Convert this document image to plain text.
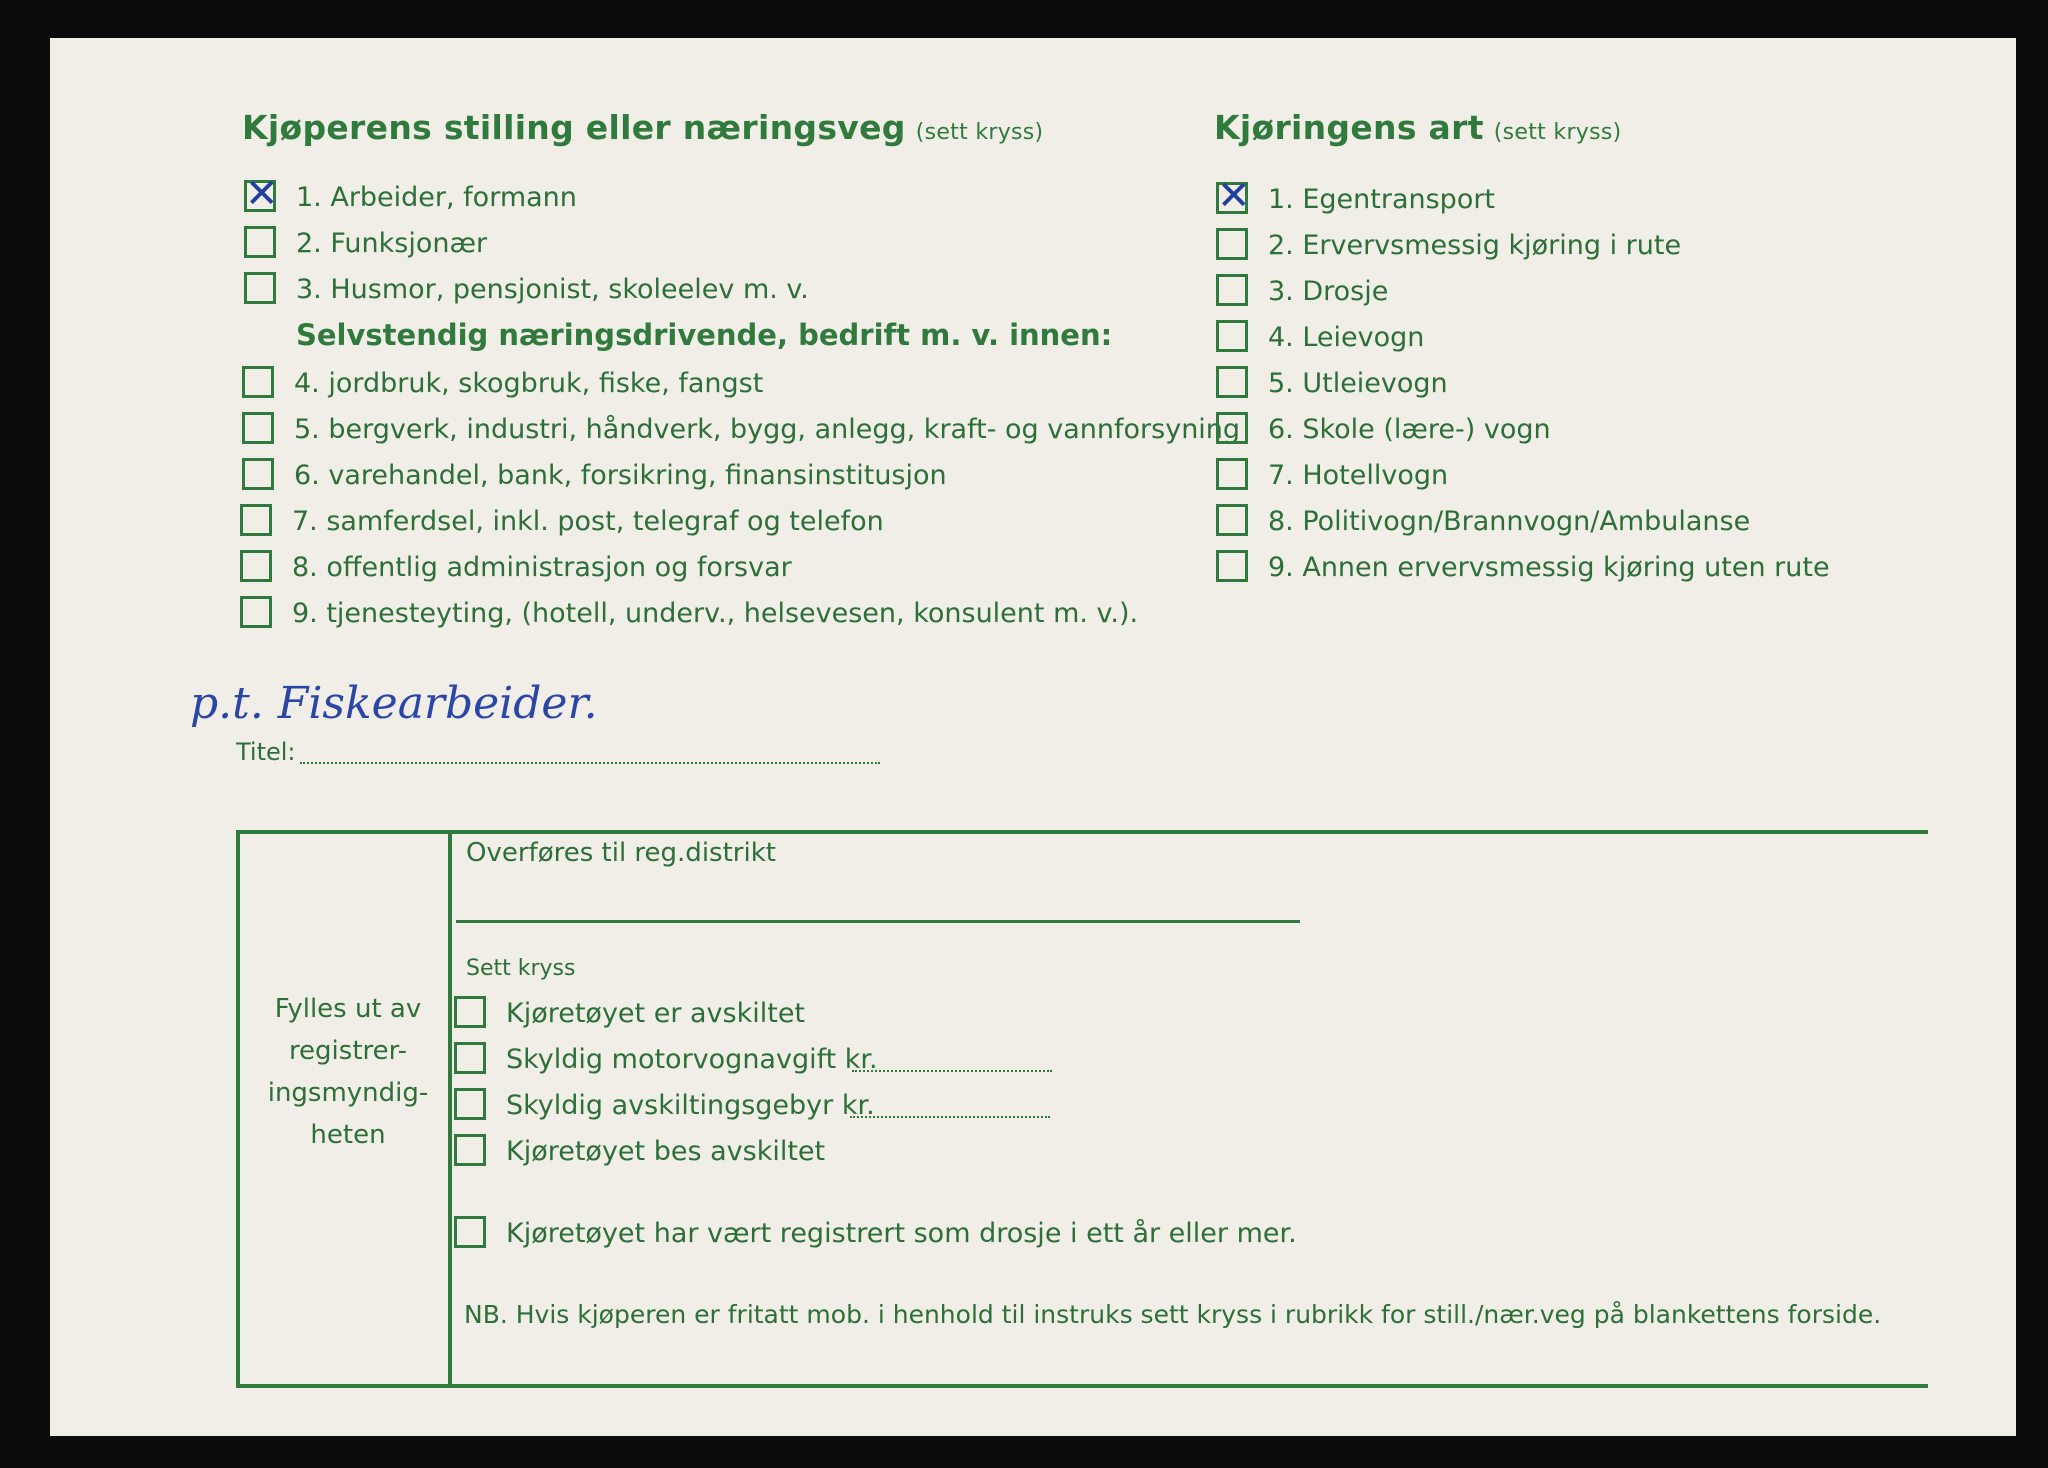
Kjøperens stilling eller næringsveg (sett kryss)
✕ 1. Arbeider, formann
2. Funksjonær
3. Husmor, pensjonist, skoleelev m. v.
Selvstendig næringsdrivende, bedrift m. v. innen:
4. jordbruk, skogbruk, fiske, fangst
5. bergverk, industri, håndverk, bygg, anlegg, kraft- og vannforsyning
6. varehandel, bank, forsikring, finansinstitusjon
7. samferdsel, inkl. post, telegraf og telefon
8. offentlig administrasjon og forsvar
9. tjenesteyting, (hotell, underv., helsevesen, konsulent m. v.).
p.t. Fiskearbeider.
Titel:
Kjøringens art (sett kryss)
✕ 1. Egentransport
2. Ervervsmessig kjøring i rute
3. Drosje
4. Leievogn
5. Utleievogn
6. Skole (lære-) vogn
7. Hotellvogn
8. Politivogn/Brannvogn/Ambulanse
9. Annen ervervsmessig kjøring uten rute
Fylles ut av registrer- ingsmyndig- heten
Overføres til reg.distrikt
Sett kryss
Kjøretøyet er avskiltet
Skyldig motorvognavgift kr.
Skyldig avskiltingsgebyr kr.
Kjøretøyet bes avskiltet
Kjøretøyet har vært registrert som drosje i ett år eller mer.
NB. Hvis kjøperen er fritatt mob. i henhold til instruks sett kryss i rubrikk for still./nær.veg på blankettens forside.
